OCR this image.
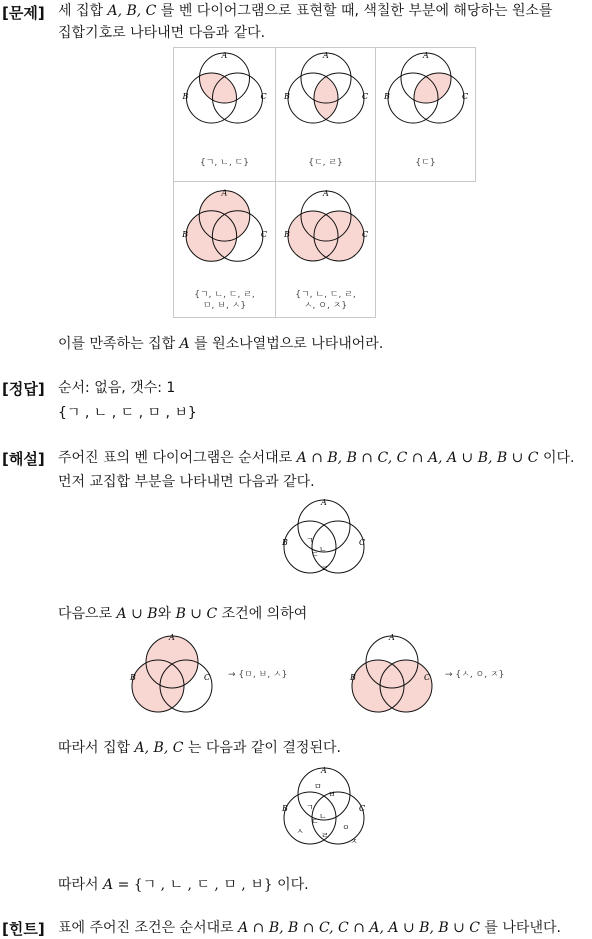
[문제] 세 집합 A, B, C 를 벤 다이어그램으로 표현할 때, 색칠한 부분에 해당하는 원소를
집합기호로 나타내면 다음과 같다.
A
B	C
{ㄱ, ㄴ, ㄷ}
A
B	C
{ㄷ, ㄹ}
A
B	C
{ㄷ}
A
B	C
{ㄱ, ㄴ, ㄷ, ㄹ,
ㅁ, ㅂ, ㅅ}
A
B	C
{ㄱ, ㄴ, ㄷ, ㄹ,
ㅅ, ㅇ, ㅈ}
이를 만족하는 집합 A 를 원소나열법으로 나타내어라.
[정답] 순서: 없음, 갯수: 1
{ㄱ , ㄴ , ㄷ , ㅁ , ㅂ}
[해설] 주어진 표의 벤 다이어그램은 순서대로 A ∩ B, B ∩ C, C ∩ A, A ∪ B, B ∪ C 이다.
먼저 교집합 부분을 나타내면 다음과 같다.
A
B	C
ㄱ
ㄴ
ㄷ
ㄹ
다음으로 A ∪ B와 B ∪ C 조건에 의하여
A
B	C → {ㅁ, ㅂ, ㅅ}
A
B	C → {ㅅ, ㅇ, ㅈ}
따라서 집합 A, B, C 는 다음과 같이 결정된다.
A
B	C
ㅁ
ㅂ
ㄱ
ㄴ
ㄷ
ㄹ
ㅅ	ㅇ
ㅈ
따라서 A = {ㄱ , ㄴ , ㄷ , ㅁ , ㅂ} 이다.
[힌트] 표에 주어진 조건은 순서대로 A ∩ B, B ∩ C, C ∩ A, A ∪ B, B ∪ C 를 나타낸다.
